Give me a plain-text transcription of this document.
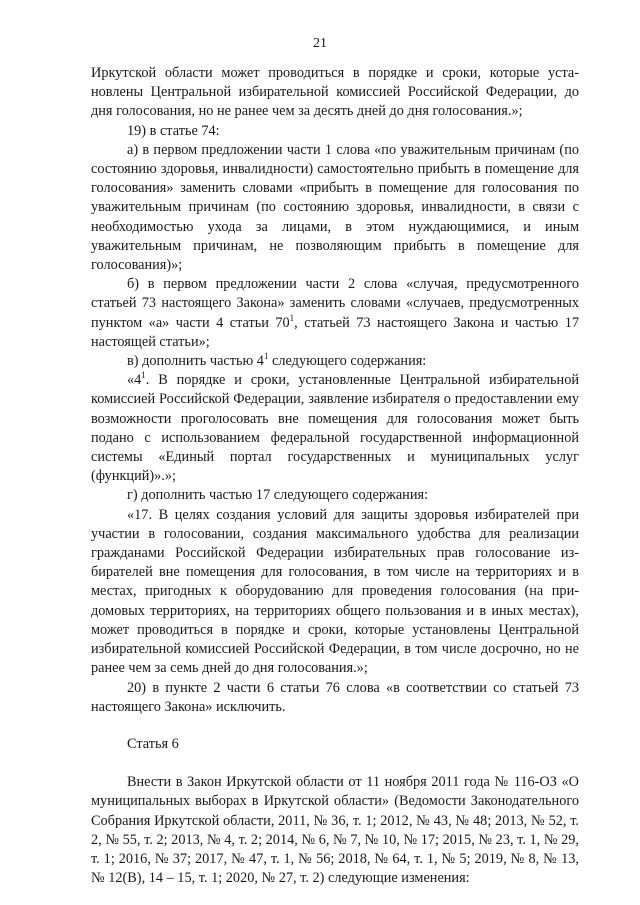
21

Иркутской области может проводиться в порядке и сроки, которые установлены Центральной избирательной комиссией Российской Федерации, до дня голосования, но не ранее чем за десять дней до дня голосования.»;

19) в статье 74:

а) в первом предложении части 1 слова «по уважительным причинам (по состоянию здоровья, инвалидности) самостоятельно прибыть в помещение для голосования» заменить словами «прибыть в помещение для голосования по уважительным причинам (по состоянию здоровья, инвалидности, в связи с необходимостью ухода за лицами, в этом нуждающимися, и иным уважительным причинам, не позволяющим прибыть в помещение для голосования)»;

б) в первом предложении части 2 слова «случая, предусмотренного статьей 73 настоящего Закона» заменить словами «случаев, предусмотренных пунктом «а» части 4 статьи $70^1$, статьей 73 настоящего Закона и частью 17 настоящей статьи»;

в) дополнить частью $4^1$ следующего содержания:

«$4^1$. В порядке и сроки, установленные Центральной избирательной комиссией Российской Федерации, заявление избирателя о предоставлении ему возможности проголосовать вне помещения для голосования может быть подано с использованием федеральной государственной информационной системы «Единый портал государственных и муниципальных услуг (функций)».»;

г) дополнить частью 17 следующего содержания:

«17. В целях создания условий для защиты здоровья избирателей при участии в голосовании, создания максимального удобства для реализации гражданами Российской Федерации избирательных прав голосование избирателей вне помещения для голосования, в том числе на территориях и в местах, пригодных к оборудованию для проведения голосования (на придомовых территориях, на территориях общего пользования и в иных местах), может проводиться в порядке и сроки, которые установлены Центральной избирательной комиссией Российской Федерации, в том числе досрочно, но не ранее чем за семь дней до дня голосования.»;

20) в пункте 2 части 6 статьи 76 слова «в соответствии со статьей 73 настоящего Закона» исключить.

Статья 6

Внести в Закон Иркутской области от 11 ноября 2011 года № 116-ОЗ «О муниципальных выборах в Иркутской области» (Ведомости Законодательного Собрания Иркутской области, 2011, № 36, т. 1; 2012, № 43, № 48; 2013, № 52, т. 2, № 55, т. 2; 2013, № 4, т. 2; 2014, № 6, № 7, № 10, № 17; 2015, № 23, т. 1, № 29, т. 1; 2016, № 37; 2017, № 47, т. 1, № 56; 2018, № 64, т. 1, № 5; 2019, № 8, № 13, № 12(В), 14 – 15, т. 1; 2020, № 27, т. 2) следующие изменения:
